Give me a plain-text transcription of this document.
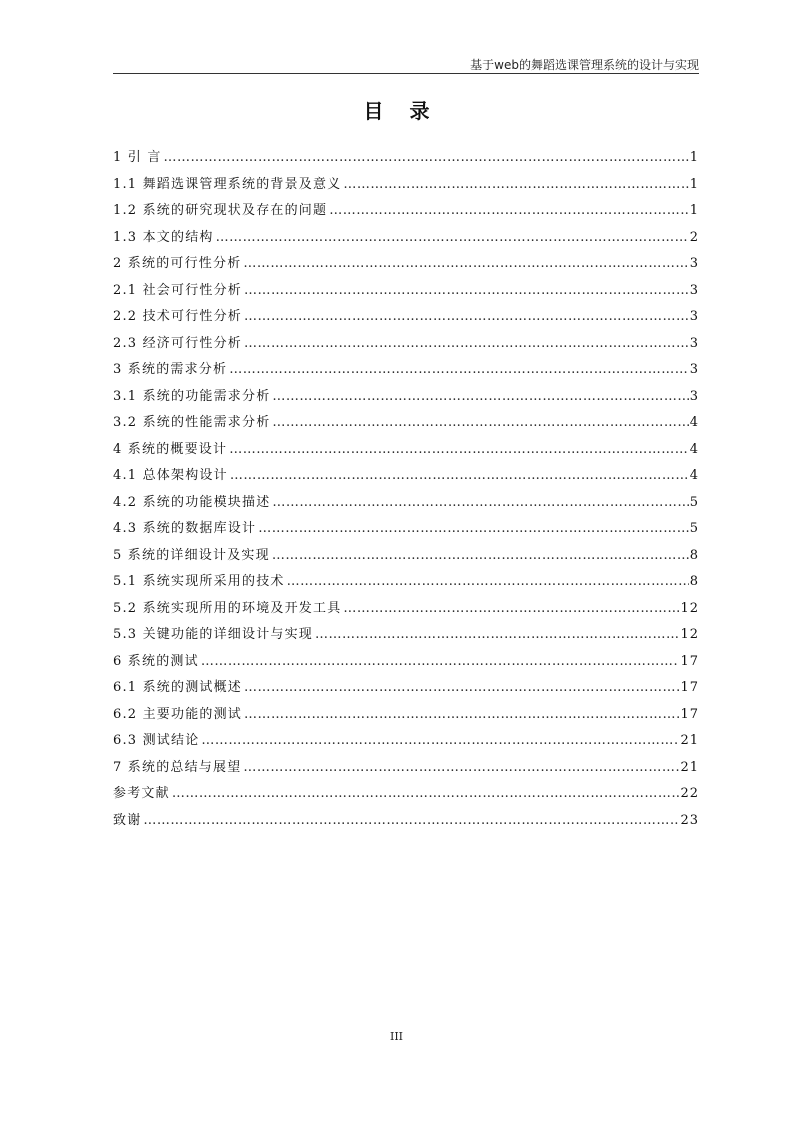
基于web的舞蹈选课管理系统的设计与实现
目录
1 引 言 ……………………………………………………………………………………………………………………………………………………………………………………	1
1.1 舞蹈选课管理系统的背景及意义 ……………………………………………………………………………………………………………………………………………………………………………………	1
1.2 系统的研究现状及存在的问题 ……………………………………………………………………………………………………………………………………………………………………………………	1
1.3 本文的结构 ……………………………………………………………………………………………………………………………………………………………………………………	2
2 系统的可行性分析 ……………………………………………………………………………………………………………………………………………………………………………………	3
2.1 社会可行性分析 ……………………………………………………………………………………………………………………………………………………………………………………	3
2.2 技术可行性分析 ……………………………………………………………………………………………………………………………………………………………………………………	3
2.3 经济可行性分析 ……………………………………………………………………………………………………………………………………………………………………………………	3
3 系统的需求分析 ……………………………………………………………………………………………………………………………………………………………………………………	3
3.1 系统的功能需求分析 ……………………………………………………………………………………………………………………………………………………………………………………	3
3.2 系统的性能需求分析 ……………………………………………………………………………………………………………………………………………………………………………………	4
4 系统的概要设计 ……………………………………………………………………………………………………………………………………………………………………………………	4
4.1 总体架构设计 ……………………………………………………………………………………………………………………………………………………………………………………	4
4.2 系统的功能模块描述 ……………………………………………………………………………………………………………………………………………………………………………………	5
4.3 系统的数据库设计 ……………………………………………………………………………………………………………………………………………………………………………………	5
5 系统的详细设计及实现 ……………………………………………………………………………………………………………………………………………………………………………………	8
5.1 系统实现所采用的技术 ……………………………………………………………………………………………………………………………………………………………………………………	8
5.2 系统实现所用的环境及开发工具 ……………………………………………………………………………………………………………………………………………………………………………………	12
5.3 关键功能的详细设计与实现 ……………………………………………………………………………………………………………………………………………………………………………………	12
6 系统的测试 ……………………………………………………………………………………………………………………………………………………………………………………	17
6.1 系统的测试概述 ……………………………………………………………………………………………………………………………………………………………………………………	17
6.2 主要功能的测试 ……………………………………………………………………………………………………………………………………………………………………………………	17
6.3 测试结论 ……………………………………………………………………………………………………………………………………………………………………………………	21
7 系统的总结与展望 ……………………………………………………………………………………………………………………………………………………………………………………	21
参考文献 ……………………………………………………………………………………………………………………………………………………………………………………	22
致谢 ……………………………………………………………………………………………………………………………………………………………………………………	23
III
